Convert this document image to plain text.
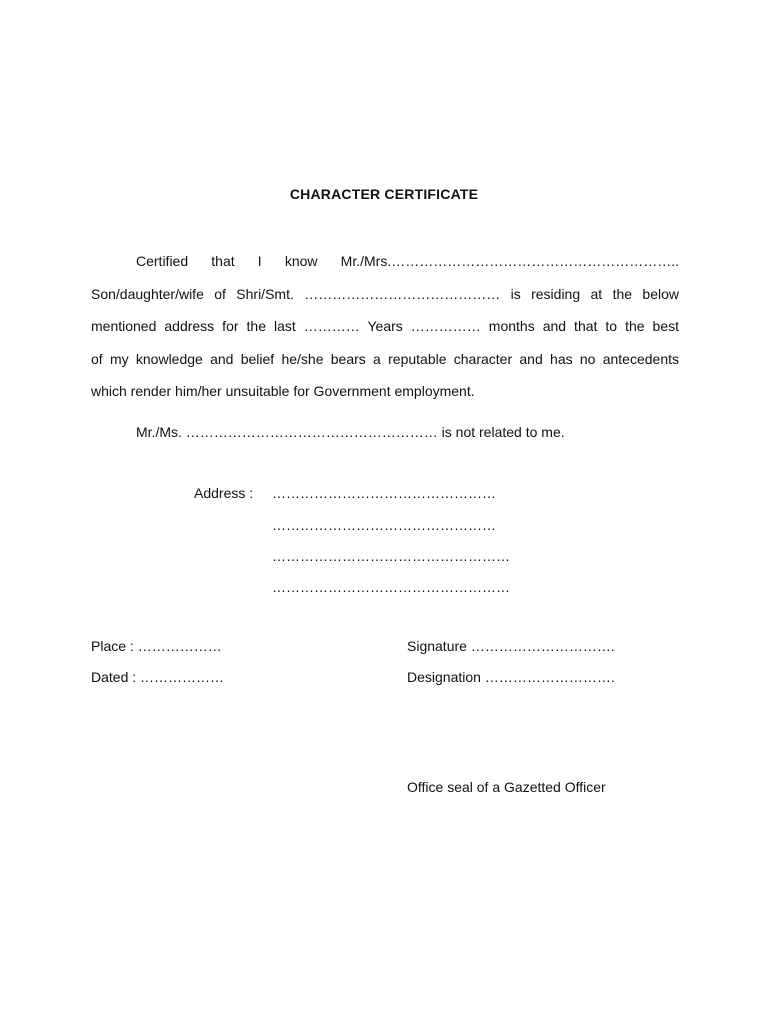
CHARACTER CERTIFICATE
Certified that I know Mr./Mrs.……………………………………………………..
Son/daughter/wife of Shri/Smt. …………………………………… is residing at the below
mentioned address for the last ………… Years …………… months and that to the best
of my knowledge and belief he/she bears a reputable character and has no antecedents
which render him/her unsuitable for Government employment.
Mr./Ms. ……………………………………………… is not related to me.
Address : …………………………………………
…………………………………………
……………………………………………
……………………………………………
Place : ………………
Dated : ………………
Signature ………………………….
Designation ……………………….
Office seal of a Gazetted Officer
